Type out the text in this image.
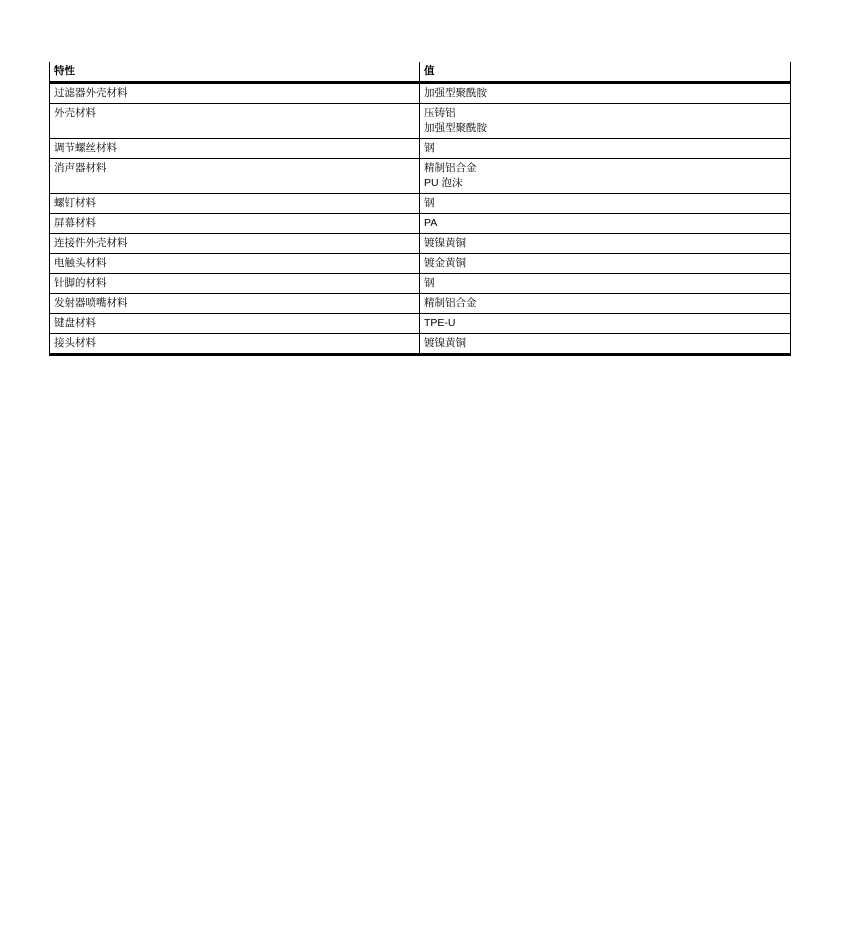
特性	值
过滤器外壳材料	加强型聚酰胺

外壳材料	压铸铝
加强型聚酰胺

调节螺丝材料	钢

消声器材料	精制铝合金
PU 泡沫

螺钉材料	钢

屏幕材料	PA

连接件外壳材料	镀镍黄铜

电触头材料	镀金黄铜

针脚的材料	钢

发射器喷嘴材料	精制铝合金

键盘材料	TPE-U

接头材料	镀镍黄铜
